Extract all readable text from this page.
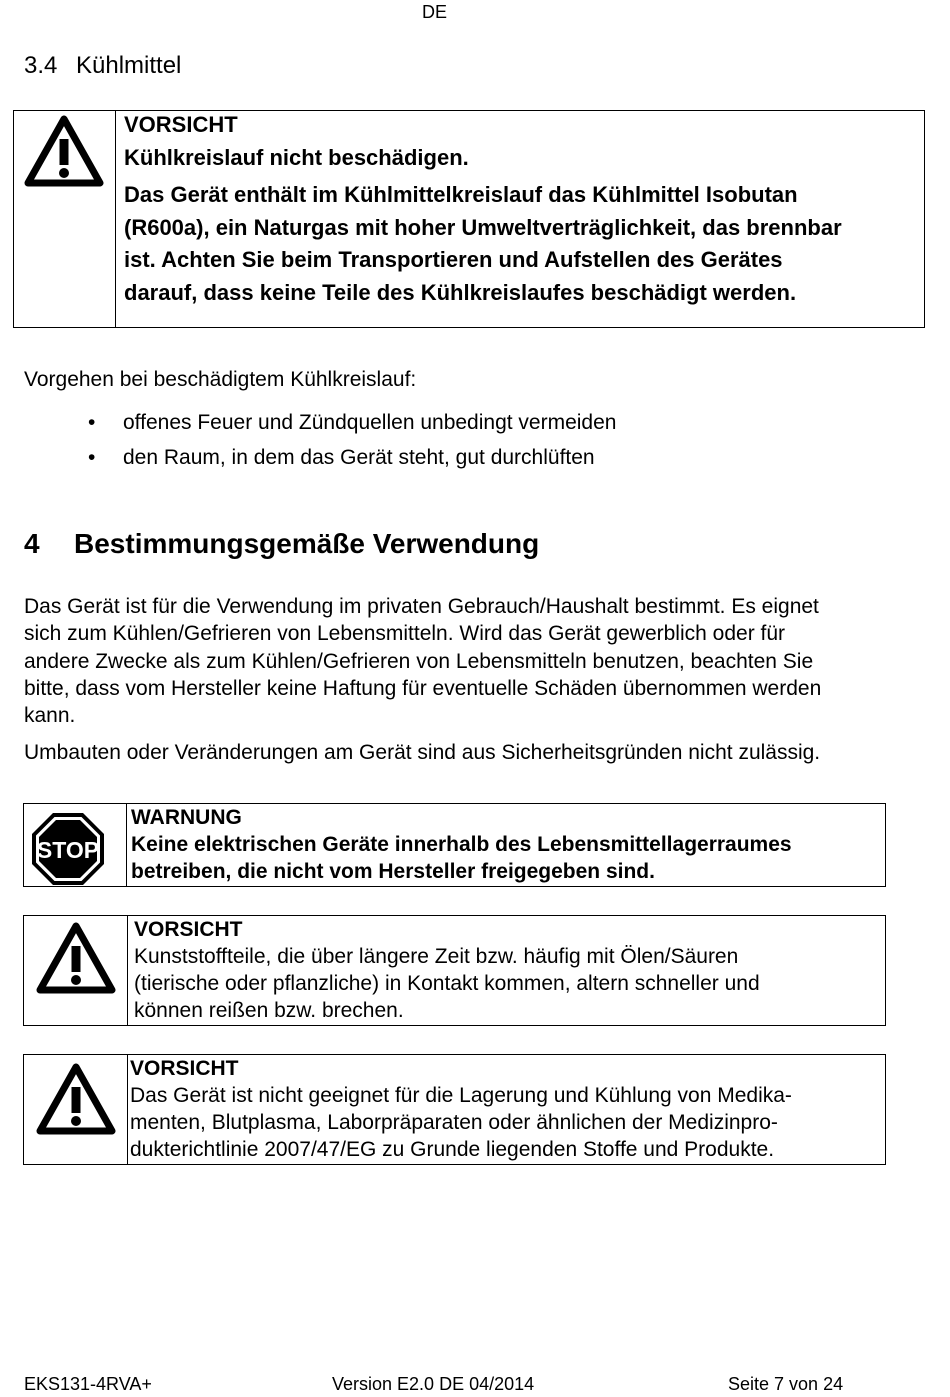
DE
3.4 Kühlmittel
VORSICHT
Kühlkreislauf nicht beschädigen.
Das Gerät enthält im Kühlmittelkreislauf das Kühlmittel Isobutan
(R600a), ein Naturgas mit hoher Umweltverträglichkeit, das brennbar
ist. Achten Sie beim Transportieren und Aufstellen des Gerätes
darauf, dass keine Teile des Kühlkreislaufes beschädigt werden.
Vorgehen bei beschädigtem Kühlkreislauf:
• offenes Feuer und Zündquellen unbedingt vermeiden
• den Raum, in dem das Gerät steht, gut durchlüften
4 Bestimmungsgemäße Verwendung
Das Gerät ist für die Verwendung im privaten Gebrauch/Haushalt bestimmt. Es eignet
sich zum Kühlen/Gefrieren von Lebensmitteln. Wird das Gerät gewerblich oder für
andere Zwecke als zum Kühlen/Gefrieren von Lebensmitteln benutzen, beachten Sie
bitte, dass vom Hersteller keine Haftung für eventuelle Schäden übernommen werden
kann.
Umbauten oder Veränderungen am Gerät sind aus Sicherheitsgründen nicht zulässig.
STOP
WARNUNG
Keine elektrischen Geräte innerhalb des Lebensmittellagerraumes
betreiben, die nicht vom Hersteller freigegeben sind.
VORSICHT
Kunststoffteile, die über längere Zeit bzw. häufig mit Ölen/Säuren
(tierische oder pflanzliche) in Kontakt kommen, altern schneller und
können reißen bzw. brechen.
VORSICHT
Das Gerät ist nicht geeignet für die Lagerung und Kühlung von Medika-
menten, Blutplasma, Laborpräparaten oder ähnlichen der Medizinpro-
dukterichtlinie 2007/47/EG zu Grunde liegenden Stoffe und Produkte.
EKS131-4RVA+	Version E2.0 DE 04/2014	Seite 7 von 24
